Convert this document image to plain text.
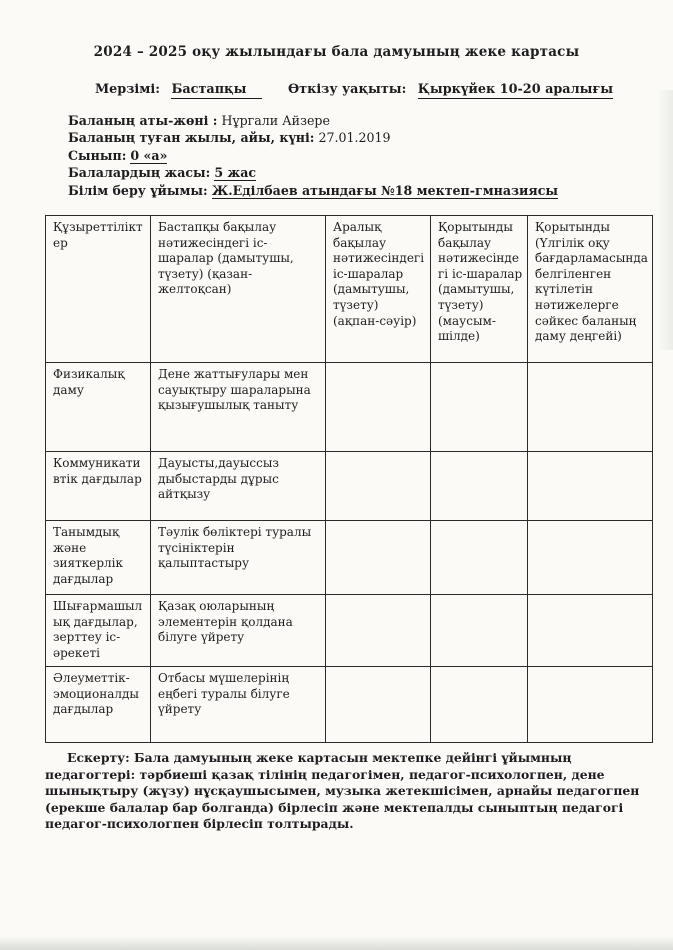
2024 – 2025 оқу жылындағы бала дамуының жеке картасы
Мерзімі: Бастапқы	Өткізу уақыты: Қыркүйек 10-20 аралығы
Баланың аты-жөні : Нұргали Айзере
Баланың туған жылы, айы, күні: 27.01.2019
Сынып: 0 «а»
Балалардың жасы: 5 жас
Білім беру ұйымы: Ж.Еділбаев атындағы №18 мектеп-гмназиясы
Құзыреттіліктер	Бастапқы бақылау нәтижесіндегі іс-шаралар (дамытушы, түзету) (қазан-желтоқсан)	Аралық бақылау нәтижесіндегі іс-шаралар (дамытушы, түзету) (ақпан-сәуір)	Қорытынды бақылау нәтижесіндегі іс-шаралар (дамытушы, түзету) (маусым-шілде)	Қорытынды (Үлгілік оқу бағдарламасында белгіленген күтілетін нәтижелерге сәйкес баланың даму деңгейі)
Физикалық даму	Дене жаттығулары мен сауықтыру шараларына қызығушылық таныту			
Коммуникативтік дағдылар	Дауысты,дауыссыз дыбыстарды дұрыс айтқызу			
Танымдық және зияткерлік дағдылар	Тәулік бөліктері туралы түсініктерін қалыптастыру			
Шығармашылық дағдылар, зерттеу іс-әрекеті	Қазақ оюларының элементерін қолдана білуге үйрету			
Әлеуметтік-эмоционалды дағдылар	Отбасы мүшелерінің еңбегі туралы білуге үйрету			

Ескерту: Бала дамуының жеке картасын мектепке дейінгі ұйымның педагогтері: тәрбиеші қазақ тілінің педагогімен, педагог-психологпен, дене шынықтыру (жүзу) нұсқаушысымен, музыка жетекшісімен, арнайы педагогпен (ерекше балалар бар болганда) бірлесіп және мектепалды сыныптың педагогі педагог-психологпен бірлесіп толтырады.
